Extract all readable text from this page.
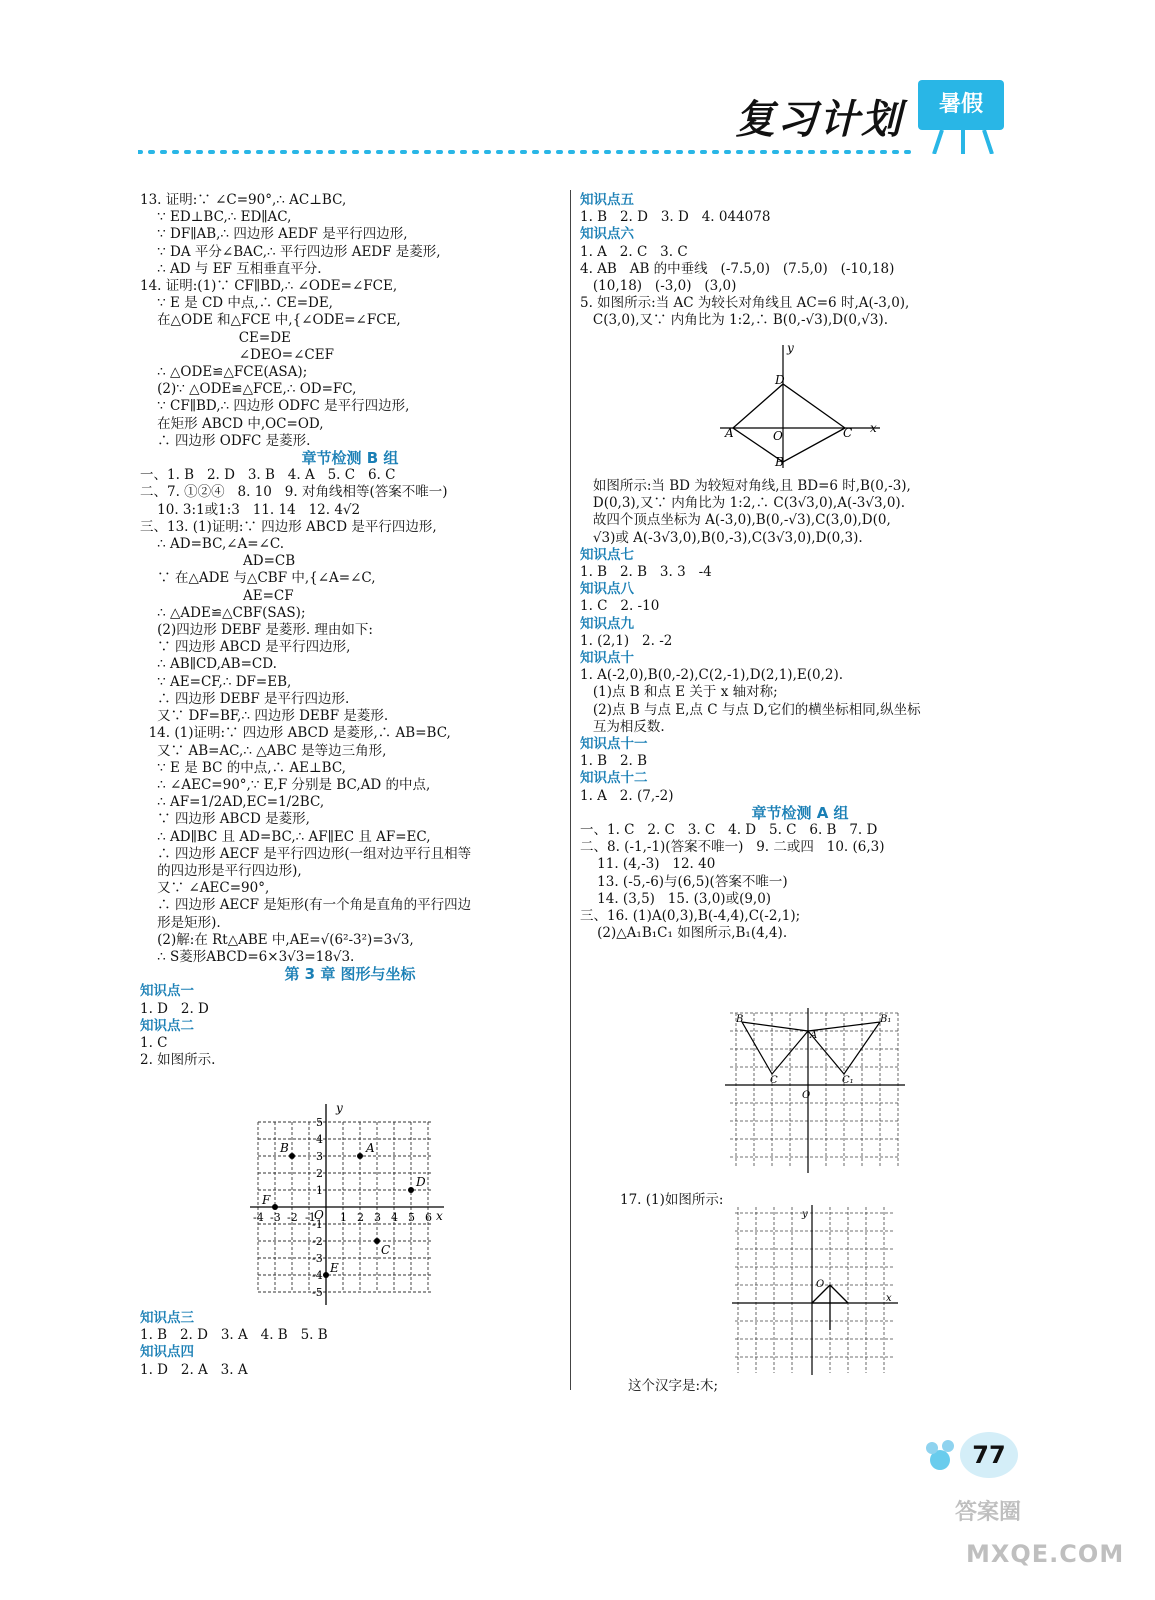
复习计划	暑假
13. 证明:∵ ∠C=90°,∴ AC⊥BC,
∵ ED⊥BC,∴ ED∥AC,
∵ DF∥AB,∴ 四边形 AEDF 是平行四边形,
∵ DA 平分∠BAC,∴ 平行四边形 AEDF 是菱形,
∴ AD 与 EF 互相垂直平分.
14. 证明:(1)∵ CF∥BD,∴ ∠ODE=∠FCE,
∵ E 是 CD 中点,∴ CE=DE,
在△ODE 和△FCE 中,{∠ODE=∠FCE,
CE=DE
∠DEO=∠CEF
∴ △ODE≌△FCE(ASA);
(2)∵ △ODE≌△FCE,∴ OD=FC,
∵ CF∥BD,∴ 四边形 ODFC 是平行四边形,
在矩形 ABCD 中,OC=OD,
∴ 四边形 ODFC 是菱形.
章节检测 B 组
一、1. B   2. D   3. B   4. A   5. C   6. C
二、7. ①②④   8. 10   9. 对角线相等(答案不唯一)
10. 3:1或1:3   11. 14   12. 4√2
三、13. (1)证明:∵ 四边形 ABCD 是平行四边形,
∴ AD=BC,∠A=∠C.
AD=CB
∵ 在△ADE 与△CBF 中,{∠A=∠C,
AE=CF
∴ △ADE≌△CBF(SAS);
(2)四边形 DEBF 是菱形. 理由如下:
∵ 四边形 ABCD 是平行四边形,
∴ AB∥CD,AB=CD.
∵ AE=CF,∴ DF=EB,
∴ 四边形 DEBF 是平行四边形.
又∵ DF=BF,∴ 四边形 DEBF 是菱形.
14. (1)证明:∵ 四边形 ABCD 是菱形,∴ AB=BC,
又∵ AB=AC,∴ △ABC 是等边三角形,
∵ E 是 BC 的中点,∴ AE⊥BC,
∴ ∠AEC=90°,∵ E,F 分别是 BC,AD 的中点,
∴ AF=1/2AD,EC=1/2BC,
∵ 四边形 ABCD 是菱形,
∴ AD∥BC 且 AD=BC,∴ AF∥EC 且 AF=EC,
∴ 四边形 AECF 是平行四边形(一组对边平行且相等
的四边形是平行四边形),
又∵ ∠AEC=90°,
∴ 四边形 AECF 是矩形(有一个角是直角的平行四边
形是矩形).
(2)解:在 Rt△ABE 中,AE=√(6²-3²)=3√3,
∴ S菱形ABCD=6×3√3=18√3.
第 3 章 图形与坐标
知识点一
1. D   2. D
知识点二
1. C
2. 如图所示.
x
y
O
-4 -3 -2 -1 1 2 3 4 5 6
5
4
3
2
1
-1
-2
-3
-4
-5
A
B
C
D
E
F
知识点三
1. B   2. D   3. A   4. B   5. B
知识点四
1. D   2. A   3. A
知识点五
1. B   2. D   3. D   4. 044078
知识点六
1. A   2. C   3. C
4. AB   AB 的中垂线   (-7.5,0)   (7.5,0)   (-10,18)
(10,18)   (-3,0)   (3,0)
5. 如图所示:当 AC 为较长对角线且 AC=6 时,A(-3,0),
C(3,0),又∵ 内角比为 1:2,∴ B(0,-√3),D(0,√3).
x
y
A	C
D
B
O
如图所示:当 BD 为较短对角线,且 BD=6 时,B(0,-3),
D(0,3),又∵ 内角比为 1:2,∴ C(3√3,0),A(-3√3,0).
故四个顶点坐标为 A(-3,0),B(0,-√3),C(3,0),D(0,
√3)或 A(-3√3,0),B(0,-3),C(3√3,0),D(0,3).
知识点七
1. B   2. B   3. 3   -4
知识点八
1. C   2. -10
知识点九
1. (2,1)   2. -2
知识点十
1. A(-2,0),B(0,-2),C(2,-1),D(2,1),E(0,2).
(1)点 B 和点 E 关于 x 轴对称;
(2)点 B 与点 E,点 C 与点 D,它们的横坐标相同,纵坐标
互为相反数.
知识点十一
1. B   2. B
知识点十二
1. A   2. (7,-2)
章节检测 A 组
一、1. C   2. C   3. C   4. D   5. C   6. B   7. D
二、8. (-1,-1)(答案不唯一)   9. 二或四   10. (6,3)
11. (4,-3)   12. 40
13. (-5,-6)与(6,5)(答案不唯一)
14. (3,5)   15. (3,0)或(9,0)
三、16. (1)A(0,3),B(-4,4),C(-2,1);
(2)△A₁B₁C₁ 如图所示,B₁(4,4).
B	B₁
C	C₁
A
O
17. (1)如图所示:
x
y
O
这个汉字是:木;
77
答案圈
MXQE.COM
